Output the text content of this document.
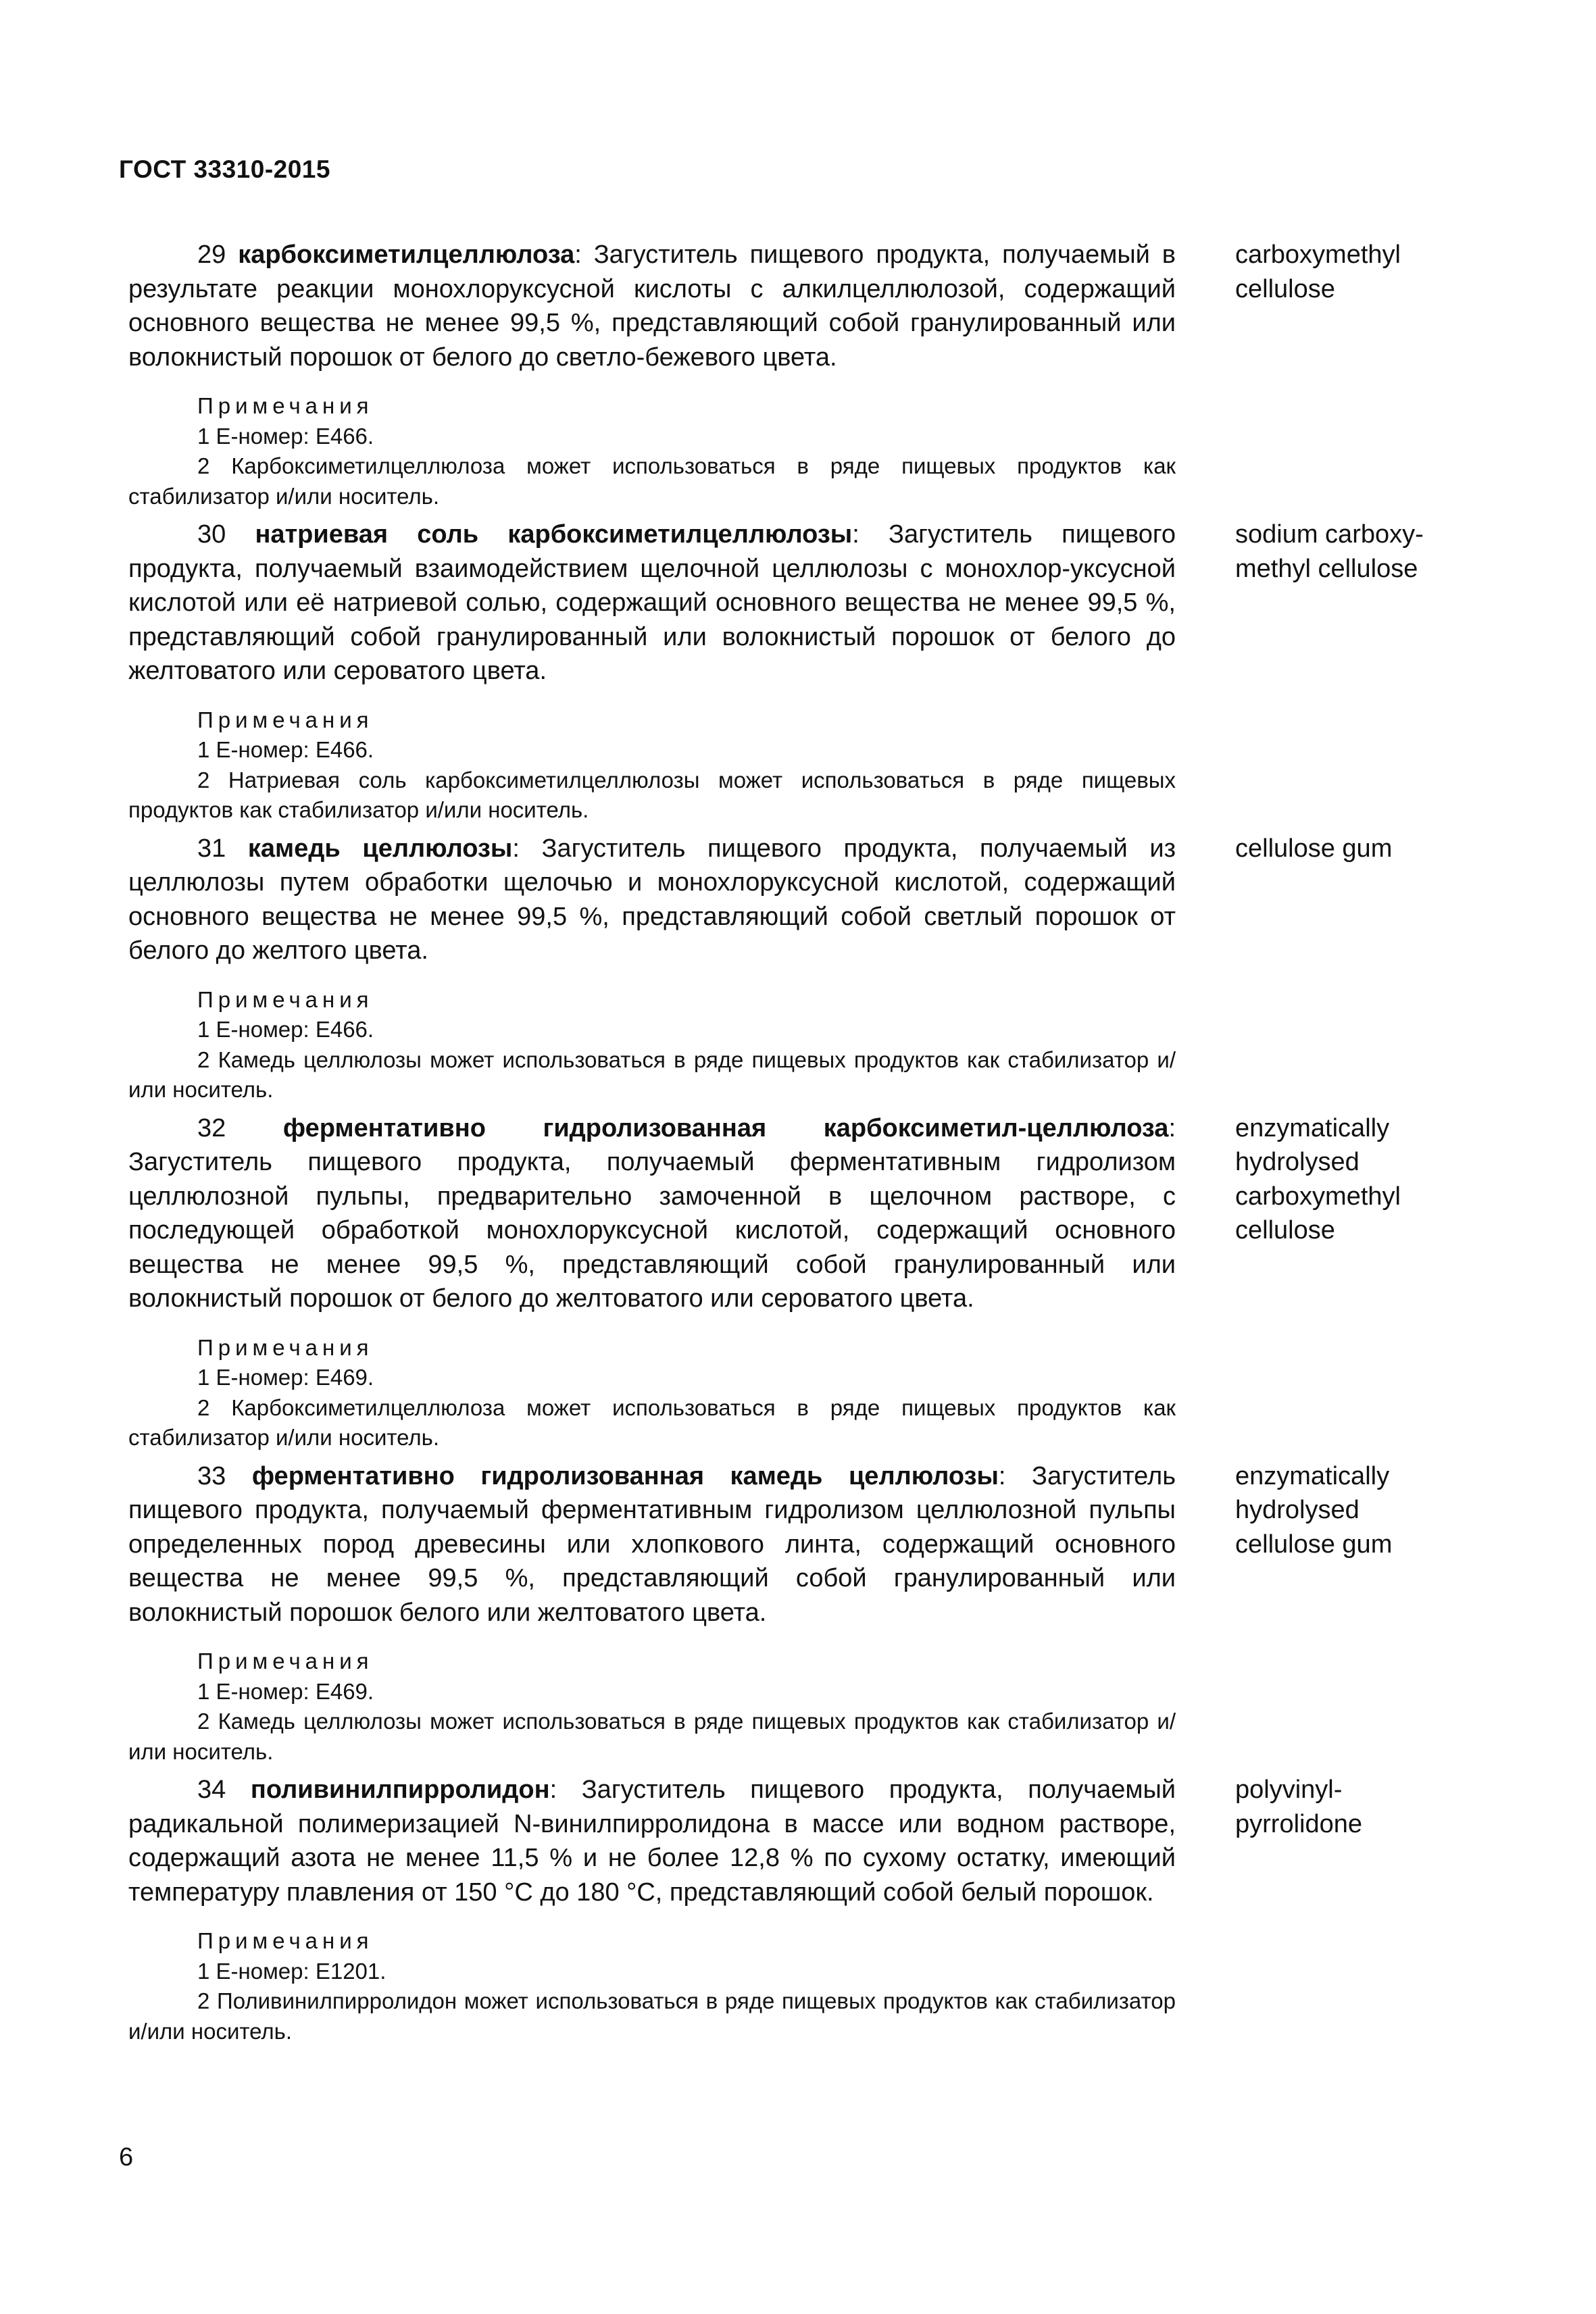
ГОСТ 33310-2015

29 карбоксиметилцеллюлоза: Загуститель пищевого продукта, получаемый в результате реакции монохлоруксусной кислоты с алкилцеллюлозой, содержащий основного вещества не менее 99,5 %, представляющий собой гранулированный или волокнистый порошок от белого до светло-бежевого цвета.

Примечания
1 Е-номер: Е466.
2 Карбоксиметилцеллюлоза может использоваться в ряде пищевых продуктов как стабилизатор и/или носитель.
carboxymethyl
cellulose

30 натриевая соль карбоксиметилцеллюлозы: Загуститель пищевого продукта, получаемый взаимодействием щелочной целлюлозы с монохлор-уксусной кислотой или её натриевой солью, содержащий основного вещества не менее 99,5 %, представляющий собой гранулированный или волокнистый порошок от белого до желтоватого или сероватого цвета.

Примечания
1 Е-номер: Е466.
2 Натриевая соль карбоксиметилцеллюлозы может использоваться в ряде пищевых продуктов как стабилизатор и/или носитель.
sodium carboxy-
methyl cellulose

31 камедь целлюлозы: Загуститель пищевого продукта, получаемый из целлюлозы путем обработки щелочью и монохлоруксусной кислотой, содержащий основного вещества не менее 99,5 %, представляющий собой светлый порошок от белого до желтого цвета.

Примечания
1 Е-номер: Е466.
2 Камедь целлюлозы может использоваться в ряде пищевых продуктов как стабилизатор и/или носитель.
cellulose gum

32 ферментативно гидролизованная карбоксиметил-целлюлоза: Загуститель пищевого продукта, получаемый ферментативным гидролизом целлюлозной пульпы, предварительно замоченной в щелочном растворе, с последующей обработкой монохлоруксусной кислотой, содержащий основного вещества не менее 99,5 %, представляющий собой гранулированный или волокнистый порошок от белого до желтоватого или сероватого цвета.

Примечания
1 Е-номер: Е469.
2 Карбоксиметилцеллюлоза может использоваться в ряде пищевых продуктов как стабилизатор и/или носитель.
enzymatically
hydrolysed
carboxymethyl
cellulose

33 ферментативно гидролизованная камедь целлюлозы: Загуститель пищевого продукта, получаемый ферментативным гидролизом целлюлозной пульпы определенных пород древесины или хлопкового линта, содержащий основного вещества не менее 99,5 %, представляющий собой гранулированный или волокнистый порошок белого или желтоватого цвета.

Примечания
1 Е-номер: Е469.
2 Камедь целлюлозы может использоваться в ряде пищевых продуктов как стабилизатор и/или носитель.
enzymatically
hydrolysed
cellulose gum

34 поливинилпирролидон: Загуститель пищевого продукта, получаемый радикальной полимеризацией N-винилпирролидона в массе или водном растворе, содержащий азота не менее 11,5 % и не более 12,8 % по сухому остатку, имеющий температуру плавления от 150 °С до 180 °С, представляющий собой белый порошок.

Примечания
1 Е-номер: Е1201.
2 Поливинилпирролидон может использоваться в ряде пищевых продуктов как стабилизатор и/или носитель.
polyvinyl-
pyrrolidone
6
